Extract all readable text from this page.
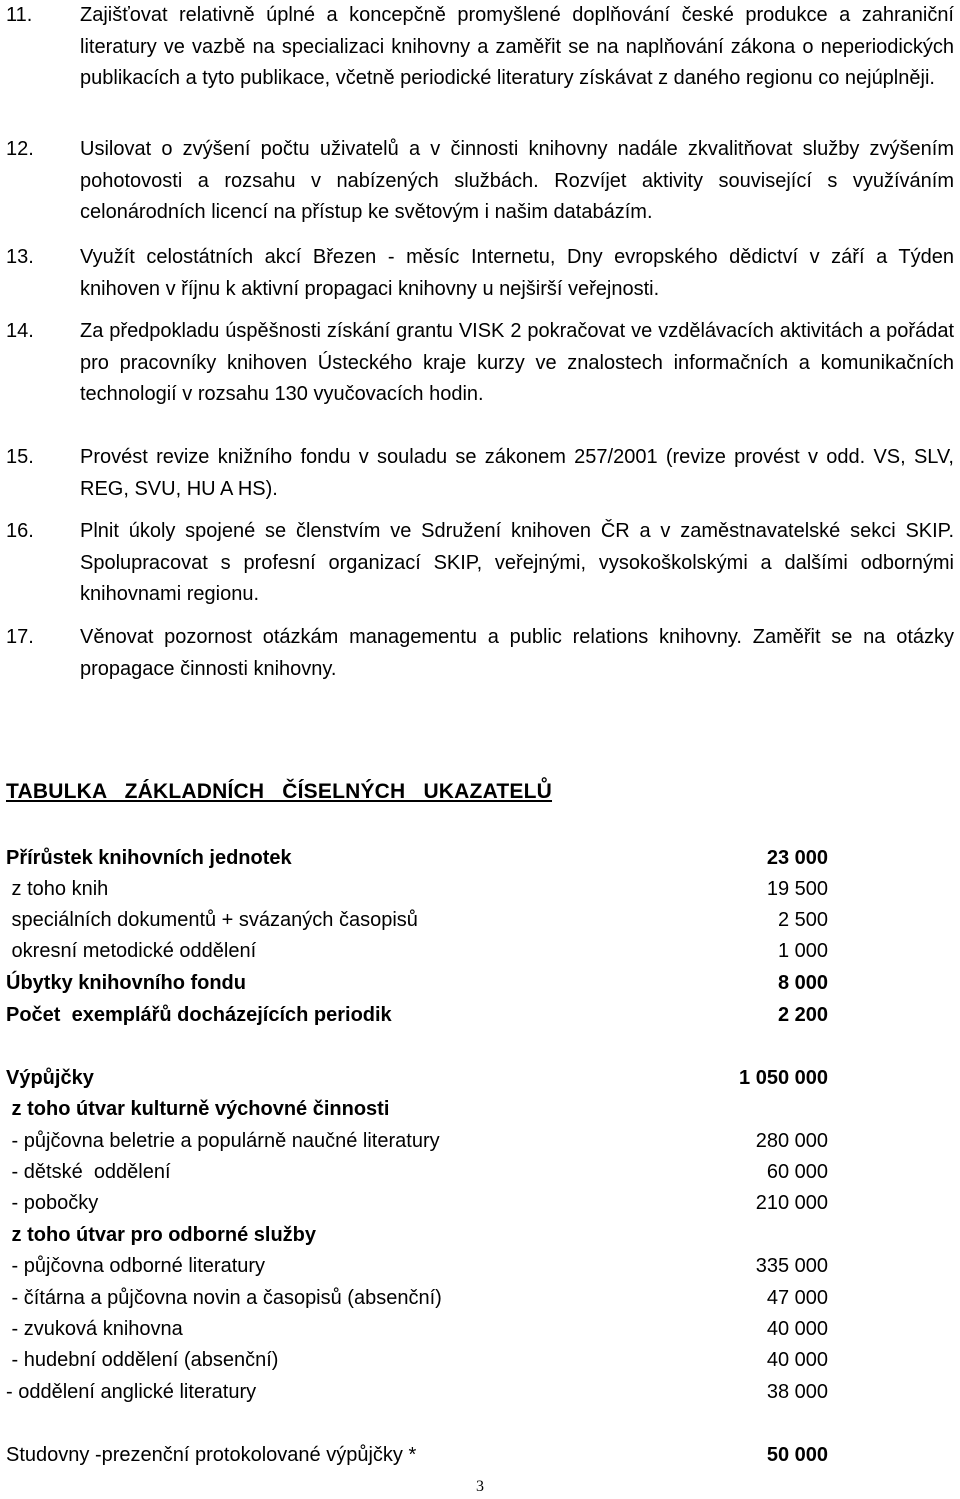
11.	Zajišťovat relativně úplné a koncepčně promyšlené doplňování české produkce a zahraniční literatury ve vazbě na specializaci knihovny a zaměřit se na naplňování zákona o neperiodických publikacích a tyto publikace, včetně periodické literatury získávat z daného regionu co nejúplněji.
12.	Usilovat o zvýšení počtu uživatelů a v činnosti knihovny nadále zkvalitňovat služby zvýšením pohotovosti a rozsahu v nabízených službách. Rozvíjet aktivity související s využíváním celonárodních licencí na přístup ke světovým i našim databázím.
13.	Využít celostátních akcí Březen - měsíc Internetu, Dny evropského dědictví v září a Týden knihoven v říjnu k aktivní propagaci knihovny u nejširší veřejnosti.
14.	Za předpokladu úspěšnosti získání grantu VISK 2 pokračovat ve vzdělávacích aktivitách a pořádat pro pracovníky knihoven Ústeckého kraje kurzy ve znalostech informačních a komunikačních technologií v rozsahu 130 vyučovacích hodin.
15.	Provést revize knižního fondu v souladu se zákonem 257/2001 (revize provést v odd. VS, SLV, REG, SVU, HU A HS).
16.	Plnit úkoly spojené se členstvím ve Sdružení knihoven ČR a v zaměstnavatelské sekci SKIP. Spolupracovat s profesní organizací SKIP, veřejnými, vysokoškolskými a dalšími odbornými knihovnami regionu.
17.	Věnovat pozornost otázkám managementu a public relations knihovny. Zaměřit se na otázky propagace činnosti knihovny.
TABULKA ZÁKLADNÍCH ČÍSELNÝCH UKAZATELŮ
Přírůstek knihovních jednotek	23 000
z toho knih	19 500
speciálních dokumentů + svázaných časopisů	2 500
okresní metodické oddělení	1 000
Úbytky knihovního fondu	8 000
Počet  exemplářů docházejících periodik	2 200
Výpůjčky	1 050 000
z toho útvar kulturně výchovné činnosti
- půjčovna beletrie a populárně naučné literatury	280 000
- dětské  oddělení	60 000
- pobočky	210 000
z toho útvar pro odborné služby
- půjčovna odborné literatury	335 000
- čítárna a půjčovna novin a časopisů (absenční)	47 000
- zvuková knihovna	40 000
- hudební oddělení (absenční)	40 000
- oddělení anglické literatury	38 000
Studovny -prezenční protokolované výpůjčky *	50 000
3
